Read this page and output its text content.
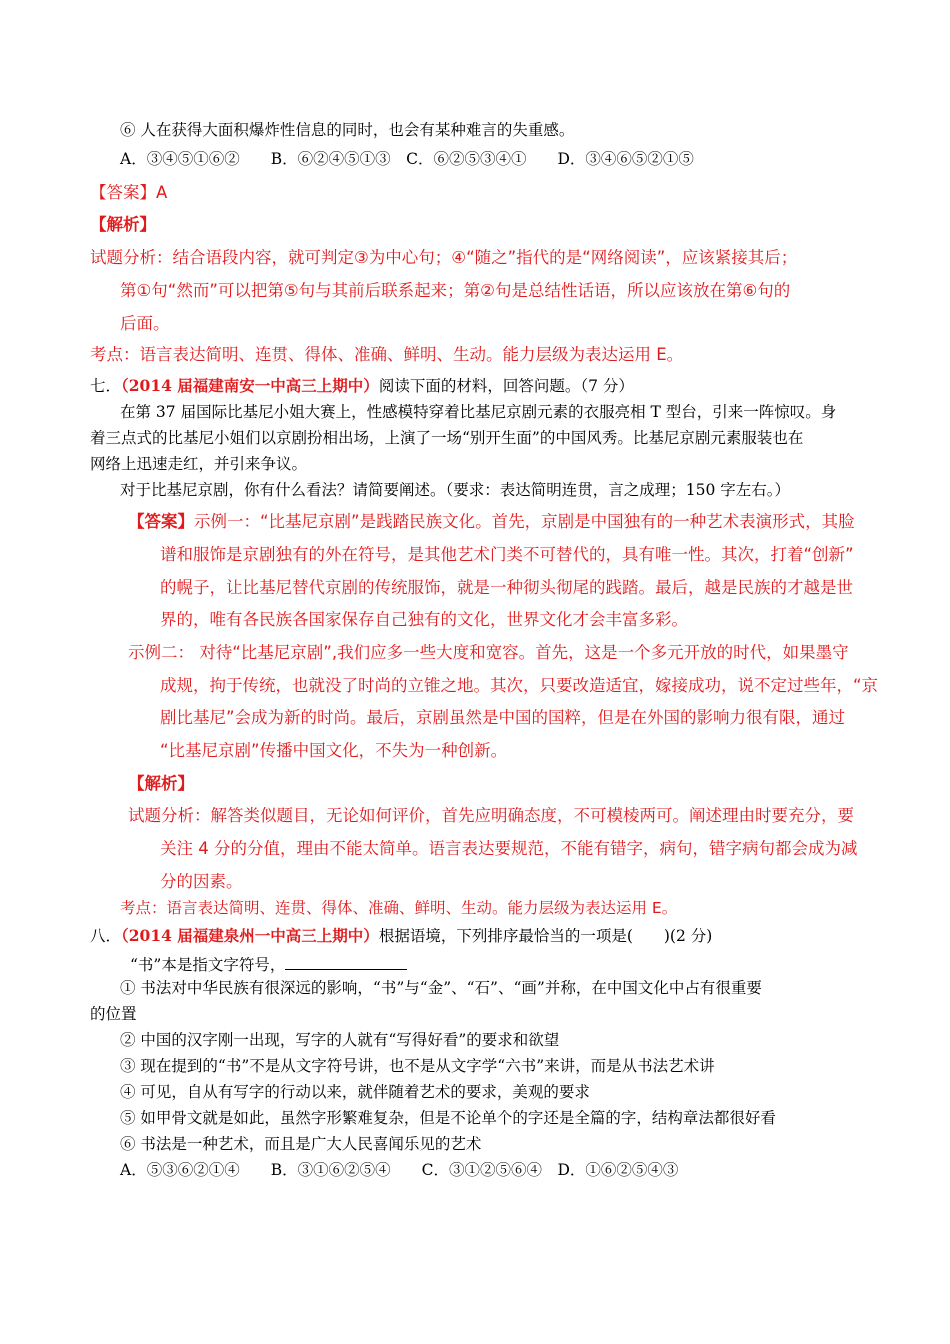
⑥ 人在获得大面积爆炸性信息的同时，也会有某种难言的失重感。
A．③④⑤①⑥②　　B．⑥②④⑤①③　C．⑥②⑤③④①　　D．③④⑥⑤②①⑤
【答案】A
【解析】
试题分析：结合语段内容，就可判定③为中心句；④“随之”指代的是“网络阅读”，应该紧接其后；
第①句“然而”可以把第⑤句与其前后联系起来；第②句是总结性话语，所以应该放在第⑥句的
后面。
考点：语言表达简明、连贯、得体、准确、鲜明、生动。能力层级为表达运用 E。
七．（2014 届福建南安一中高三上期中）阅读下面的材料，回答问题。（7 分）
在第 37 届国际比基尼小姐大赛上，性感模特穿着比基尼京剧元素的衣服亮相 T 型台，引来一阵惊叹。身
着三点式的比基尼小姐们以京剧扮相出场，上演了一场“别开生面”的中国风秀。比基尼京剧元素服装也在
网络上迅速走红，并引来争议。
对于比基尼京剧，你有什么看法？请简要阐述。（要求：表达简明连贯，言之成理；150 字左右。）
【答案】示例一：“比基尼京剧”是践踏民族文化。首先，京剧是中国独有的一种艺术表演形式，其脸
谱和服饰是京剧独有的外在符号，是其他艺术门类不可替代的，具有唯一性。其次，打着“创新”
的幌子，让比基尼替代京剧的传统服饰，就是一种彻头彻尾的践踏。最后，越是民族的才越是世
界的，唯有各民族各国家保存自己独有的文化，世界文化才会丰富多彩。
示例二： 对待“比基尼京剧”,我们应多一些大度和宽容。首先，这是一个多元开放的时代，如果墨守
成规，拘于传统，也就没了时尚的立锥之地。其次，只要改造适宜，嫁接成功，说不定过些年，“京
剧比基尼”会成为新的时尚。最后，京剧虽然是中国的国粹，但是在外国的影响力很有限，通过
“比基尼京剧”传播中国文化，不失为一种创新。
【解析】
试题分析：解答类似题目，无论如何评价，首先应明确态度，不可模棱两可。阐述理由时要充分，要
关注 4 分的分值，理由不能太简单。语言表达要规范，不能有错字，病句，错字病句都会成为减
分的因素。
考点：语言表达简明、连贯、得体、准确、鲜明、生动。能力层级为表达运用 E。
八．（2014 届福建泉州一中高三上期中）根据语境，下列排序最恰当的一项是(　　)(2 分)
“书”本是指文字符号，
① 书法对中华民族有很深远的影响，“书”与“金”、“石”、“画”并称，在中国文化中占有很重要
的位置
② 中国的汉字刚一出现，写字的人就有“写得好看”的要求和欲望
③ 现在提到的“书”不是从文字符号讲，也不是从文字学“六书”来讲，而是从书法艺术讲
④ 可见，自从有写字的行动以来，就伴随着艺术的要求，美观的要求
⑤ 如甲骨文就是如此，虽然字形繁难复杂，但是不论单个的字还是全篇的字，结构章法都很好看
⑥ 书法是一种艺术，而且是广大人民喜闻乐见的艺术
A．⑤③⑥②①④　　B．③①⑥②⑤④　　C．③①②⑤⑥④　D．①⑥②⑤④③
